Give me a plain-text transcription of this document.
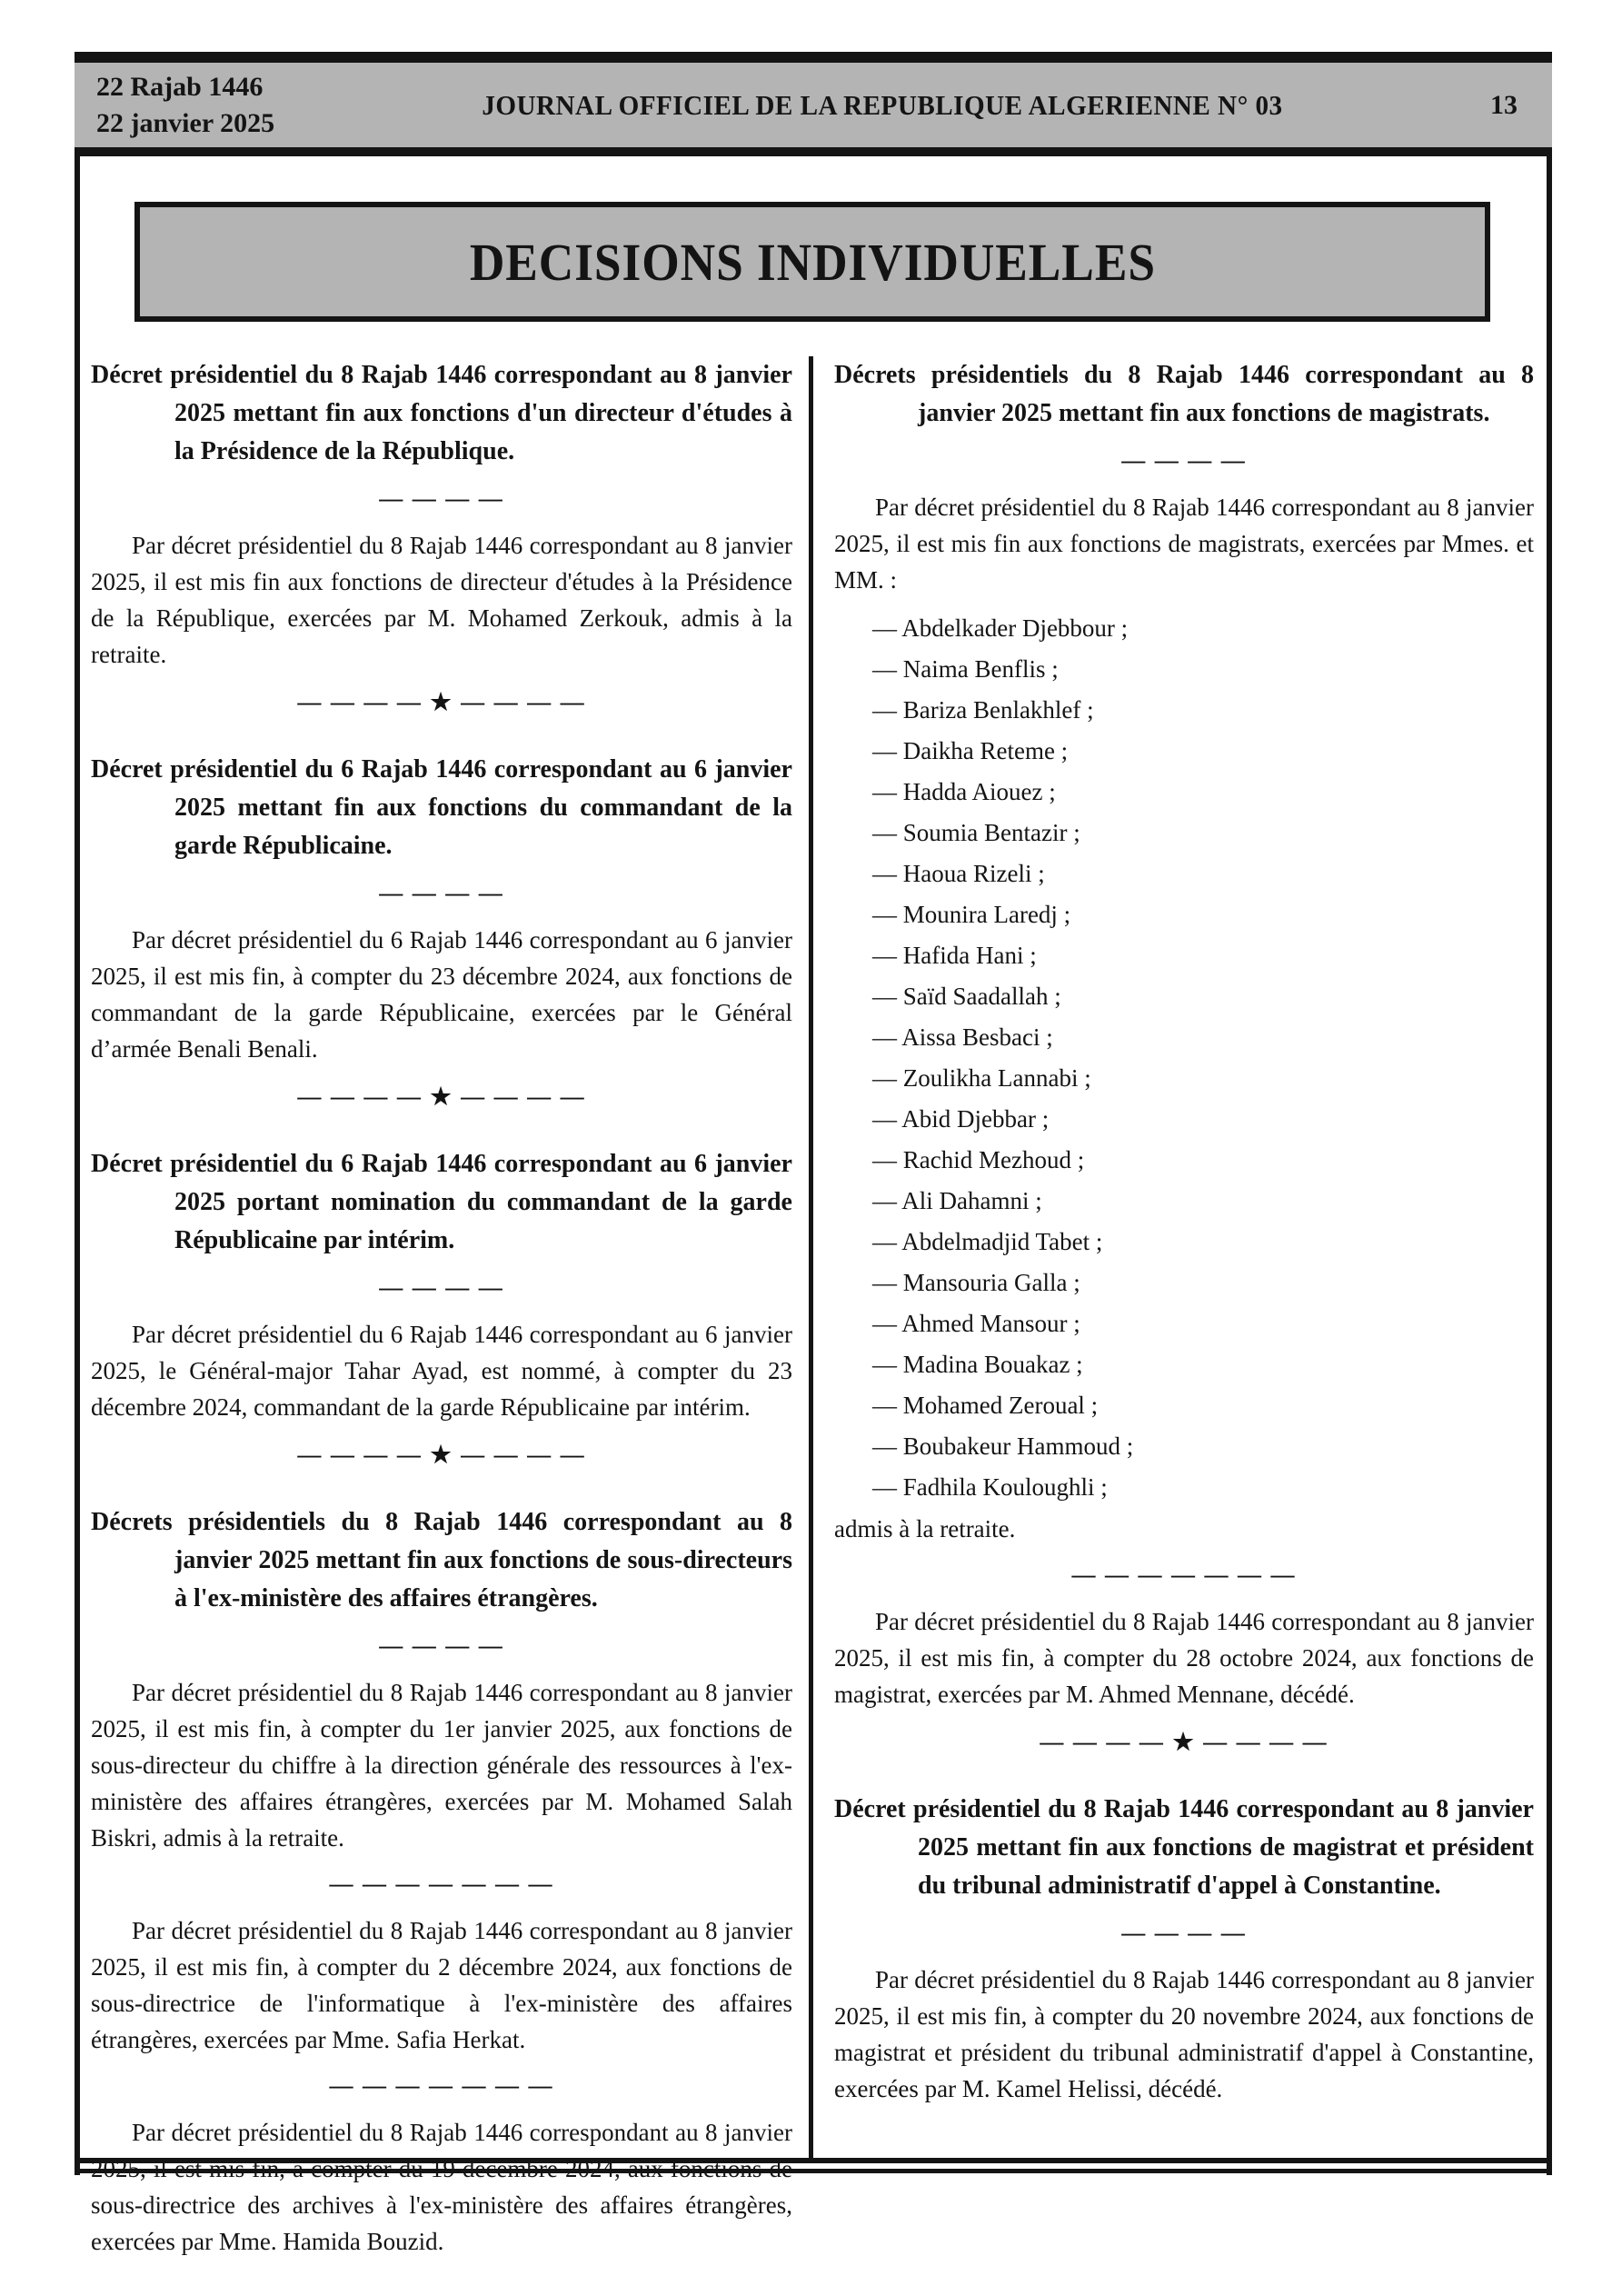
22 Rajab 1446
22 janvier 2025
JOURNAL OFFICIEL DE LA REPUBLIQUE ALGERIENNE N° 03	13
DECISIONS INDIVIDUELLES

Décret présidentiel du 8 Rajab 1446 correspondant au 8 janvier 2025 mettant fin aux fonctions d'un directeur d'études à la Présidence de la République.

— — — —

Par décret présidentiel du 8 Rajab 1446 correspondant au 8 janvier 2025, il est mis fin aux fonctions de directeur d'études à la Présidence de la République, exercées par M. Mohamed Zerkouk, admis à la retraite.

— — — — ★ — — — —

Décret présidentiel du 6 Rajab 1446 correspondant au 6 janvier 2025 mettant fin aux fonctions du commandant de la garde Républicaine.

— — — —

Par décret présidentiel du 6 Rajab 1446 correspondant au 6 janvier 2025, il est mis fin, à compter du 23 décembre 2024, aux fonctions de commandant de la garde Républicaine, exercées par le Général d’armée Benali Benali.

— — — — ★ — — — —

Décret présidentiel du 6 Rajab 1446 correspondant au 6 janvier 2025 portant nomination du commandant de la garde Républicaine par intérim.

— — — —

Par décret présidentiel du 6 Rajab 1446 correspondant au 6 janvier 2025, le Général-major Tahar Ayad, est nommé, à compter du 23 décembre 2024, commandant de la garde Républicaine par intérim.

— — — — ★ — — — —

Décrets présidentiels du 8 Rajab 1446 correspondant au 8 janvier 2025 mettant fin aux fonctions de sous-directeurs à l'ex-ministère des affaires étrangères.

— — — —

Par décret présidentiel du 8 Rajab 1446 correspondant au 8 janvier 2025, il est mis fin, à compter du 1er janvier 2025, aux fonctions de sous-directeur du chiffre à la direction générale des ressources à l'ex-ministère des affaires étrangères, exercées par M. Mohamed Salah Biskri, admis à la retraite.

— — — — — — —

Par décret présidentiel du 8 Rajab 1446 correspondant au 8 janvier 2025, il est mis fin, à compter du 2 décembre 2024, aux fonctions de sous-directrice de l'informatique à l'ex-ministère des affaires étrangères, exercées par Mme. Safia Herkat.

— — — — — — —

Par décret présidentiel du 8 Rajab 1446 correspondant au 8 janvier 2025, il est mis fin, à compter du 19 décembre 2024, aux fonctions de sous-directrice des archives à l'ex-ministère des affaires étrangères, exercées par Mme. Hamida Bouzid.

Décrets présidentiels du 8 Rajab 1446 correspondant au 8 janvier 2025 mettant fin aux fonctions de magistrats.

— — — —

Par décret présidentiel du 8 Rajab 1446 correspondant au 8 janvier 2025, il est mis fin aux fonctions de magistrats, exercées par Mmes. et MM. :

— Abdelkader Djebbour ;
— Naima Benflis ;
— Bariza Benlakhlef ;
— Daikha Reteme ;
— Hadda Aiouez ;
— Soumia Bentazir ;
— Haoua Rizeli ;
— Mounira Laredj ;
— Hafida Hani ;
— Saïd Saadallah ;
— Aissa Besbaci ;
— Zoulikha Lannabi ;
— Abid Djebbar ;
— Rachid Mezhoud ;
— Ali Dahamni ;
— Abdelmadjid Tabet ;
— Mansouria Galla ;
— Ahmed Mansour ;
— Madina Bouakaz ;
— Mohamed Zeroual ;
— Boubakeur Hammoud ;
— Fadhila Kouloughli ;

admis à la retraite.

— — — — — — —

Par décret présidentiel du 8 Rajab 1446 correspondant au 8 janvier 2025, il est mis fin, à compter du 28 octobre 2024, aux fonctions de magistrat, exercées par M. Ahmed Mennane, décédé.

— — — — ★ — — — —

Décret présidentiel du 8 Rajab 1446 correspondant au 8 janvier 2025 mettant fin aux fonctions de magistrat et président du tribunal administratif d'appel à Constantine.

— — — —

Par décret présidentiel du 8 Rajab 1446 correspondant au 8 janvier 2025, il est mis fin, à compter du 20 novembre 2024, aux fonctions de magistrat et président du tribunal administratif d'appel à Constantine, exercées par M. Kamel Helissi, décédé.
